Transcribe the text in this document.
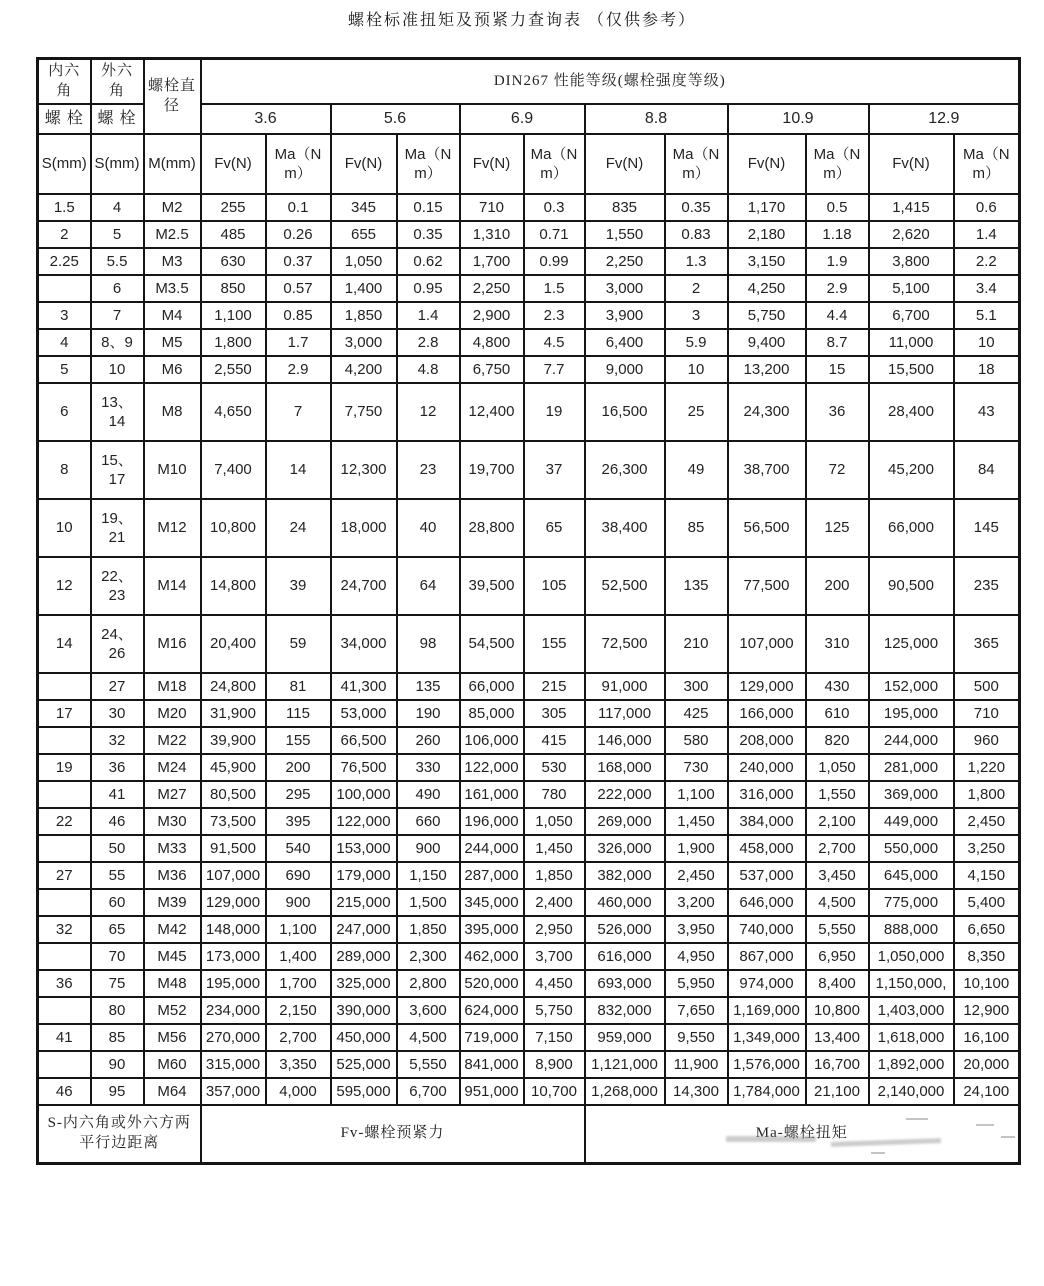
螺栓标准扭矩及预紧力查询表 （仅供参考）
内六角	外六角	螺栓直径	DIN267 性能等级(螺栓强度等级)											
螺 栓	螺 栓		3.6		5.6		6.9		8.8		10.9		12.9	
S(mm)	S(mm)	M(mm)	Fv(N)	Ma（N m）	Fv(N)	Ma（N m）	Fv(N)	Ma（N m）	Fv(N)	Ma（N m）	Fv(N)	Ma（N m）	Fv(N)	Ma（N m）
1.5	4	M2	255	0.1	345	0.15	710	0.3	835	0.35	1,170	0.5	1,415	0.6
2	5	M2.5	485	0.26	655	0.35	1,310	0.71	1,550	0.83	2,180	1.18	2,620	1.4
2.25	5.5	M3	630	0.37	1,050	0.62	1,700	0.99	2,250	1.3	3,150	1.9	3,800	2.2
	6	M3.5	850	0.57	1,400	0.95	2,250	1.5	3,000	2	4,250	2.9	5,100	3.4
3	7	M4	1,100	0.85	1,850	1.4	2,900	2.3	3,900	3	5,750	4.4	6,700	5.1
4	8、9	M5	1,800	1.7	3,000	2.8	4,800	4.5	6,400	5.9	9,400	8.7	11,000	10
5	10	M6	2,550	2.9	4,200	4.8	6,750	7.7	9,000	10	13,200	15	15,500	18
6	13、14	M8	4,650	7	7,750	12	12,400	19	16,500	25	24,300	36	28,400	43
8	15、17	M10	7,400	14	12,300	23	19,700	37	26,300	49	38,700	72	45,200	84
10	19、21	M12	10,800	24	18,000	40	28,800	65	38,400	85	56,500	125	66,000	145
12	22、23	M14	14,800	39	24,700	64	39,500	105	52,500	135	77,500	200	90,500	235
14	24、26	M16	20,400	59	34,000	98	54,500	155	72,500	210	107,000	310	125,000	365
	27	M18	24,800	81	41,300	135	66,000	215	91,000	300	129,000	430	152,000	500
17	30	M20	31,900	115	53,000	190	85,000	305	117,000	425	166,000	610	195,000	710
	32	M22	39,900	155	66,500	260	106,000	415	146,000	580	208,000	820	244,000	960
19	36	M24	45,900	200	76,500	330	122,000	530	168,000	730	240,000	1,050	281,000	1,220
	41	M27	80,500	295	100,000	490	161,000	780	222,000	1,100	316,000	1,550	369,000	1,800
22	46	M30	73,500	395	122,000	660	196,000	1,050	269,000	1,450	384,000	2,100	449,000	2,450
	50	M33	91,500	540	153,000	900	244,000	1,450	326,000	1,900	458,000	2,700	550,000	3,250
27	55	M36	107,000	690	179,000	1,150	287,000	1,850	382,000	2,450	537,000	3,450	645,000	4,150
	60	M39	129,000	900	215,000	1,500	345,000	2,400	460,000	3,200	646,000	4,500	775,000	5,400
32	65	M42	148,000	1,100	247,000	1,850	395,000	2,950	526,000	3,950	740,000	5,550	888,000	6,650
	70	M45	173,000	1,400	289,000	2,300	462,000	3,700	616,000	4,950	867,000	6,950	1,050,000	8,350
36	75	M48	195,000	1,700	325,000	2,800	520,000	4,450	693,000	5,950	974,000	8,400	1,150,000,	10,100
	80	M52	234,000	2,150	390,000	3,600	624,000	5,750	832,000	7,650	1,169,000	10,800	1,403,000	12,900
41	85	M56	270,000	2,700	450,000	4,500	719,000	7,150	959,000	9,550	1,349,000	13,400	1,618,000	16,100
	90	M60	315,000	3,350	525,000	5,550	841,000	8,900	1,121,000	11,900	1,576,000	16,700	1,892,000	20,000
46	95	M64	357,000	4,000	595,000	6,700	951,000	10,700	1,268,000	14,300	1,784,000	21,100	2,140,000	24,100
S-内六角或外六方两平行边距离			Fv-螺栓预紧力						Ma-螺栓扭矩					
